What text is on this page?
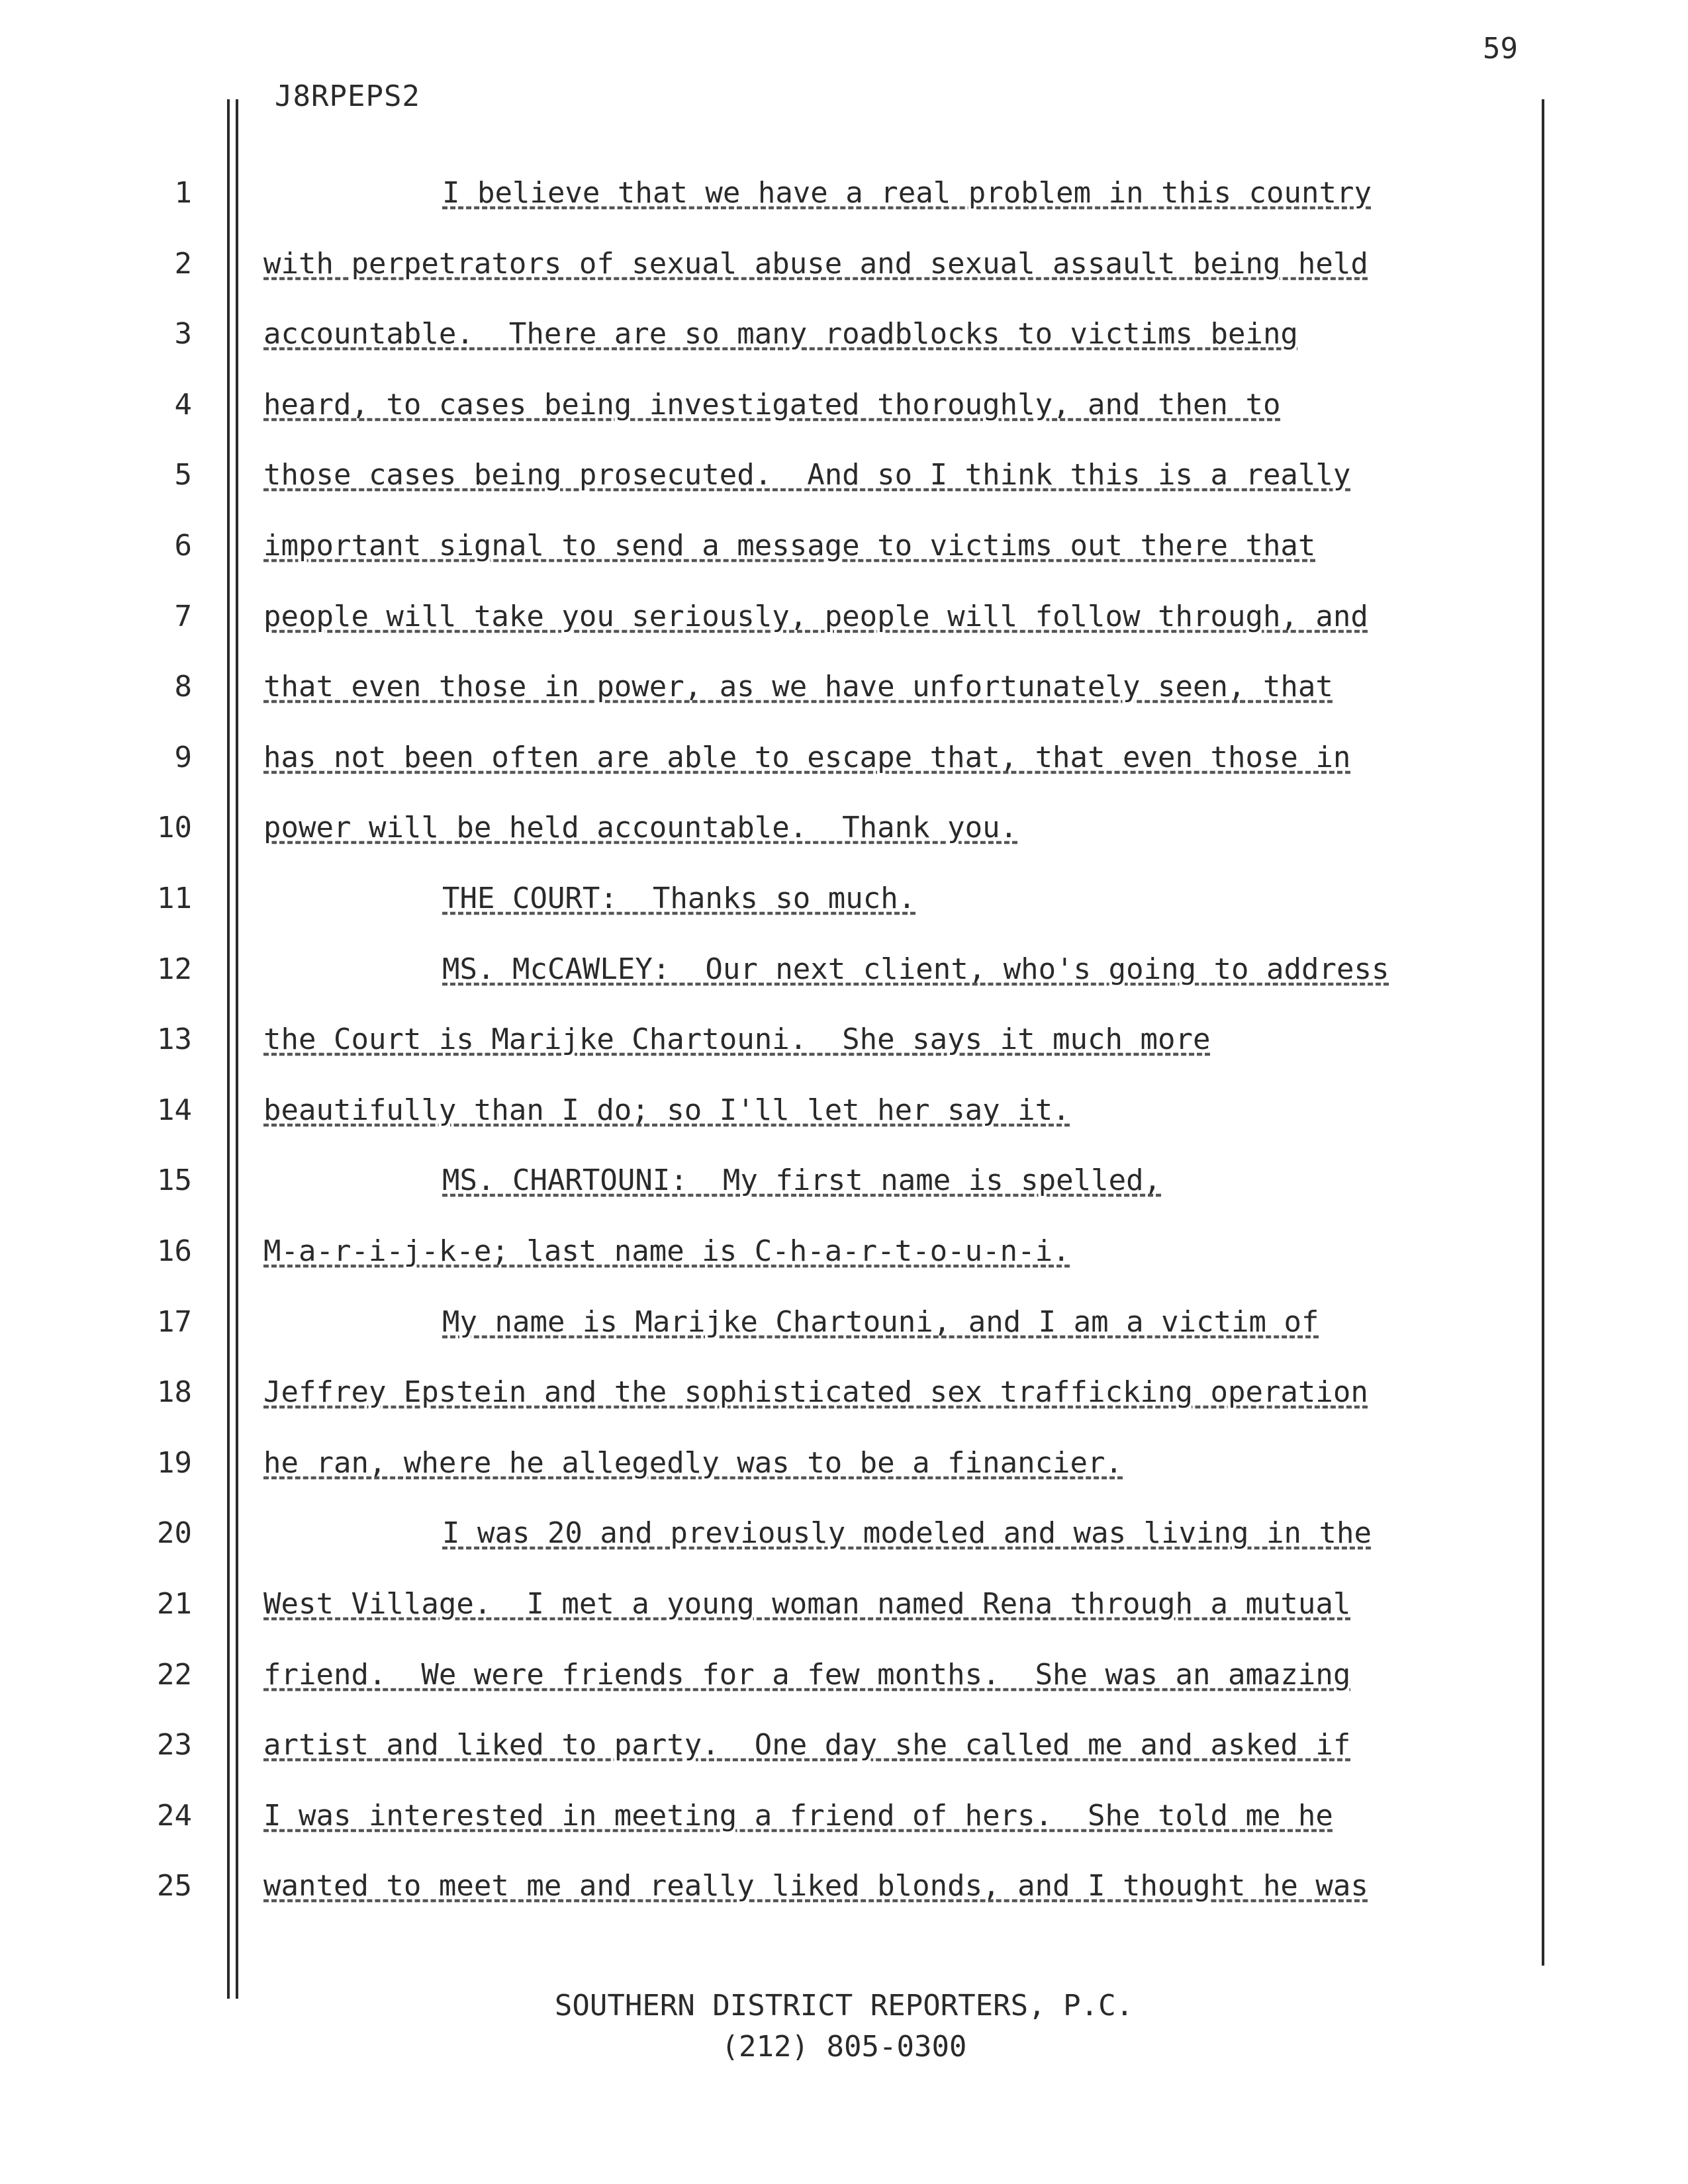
59
J8RPEPS2
1	I believe that we have a real problem in this country
2 with perpetrators of sexual abuse and sexual assault being held
3 accountable.  There are so many roadblocks to victims being
4 heard, to cases being investigated thoroughly, and then to
5 those cases being prosecuted.  And so I think this is a really
6 important signal to send a message to victims out there that
7 people will take you seriously, people will follow through, and
8 that even those in power, as we have unfortunately seen, that
9 has not been often are able to escape that, that even those in
10 power will be held accountable.  Thank you.
11	THE COURT:  Thanks so much.
12	MS. McCAWLEY:  Our next client, who's going to address
13 the Court is Marijke Chartouni.  She says it much more
14 beautifully than I do; so I'll let her say it.
15	MS. CHARTOUNI:  My first name is spelled,
16 M-a-r-i-j-k-e; last name is C-h-a-r-t-o-u-n-i.
17	My name is Marijke Chartouni, and I am a victim of
18 Jeffrey Epstein and the sophisticated sex trafficking operation
19 he ran, where he allegedly was to be a financier.
20	I was 20 and previously modeled and was living in the
21 West Village.  I met a young woman named Rena through a mutual
22 friend.  We were friends for a few months.  She was an amazing
23 artist and liked to party.  One day she called me and asked if
24 I was interested in meeting a friend of hers.  She told me he
25 wanted to meet me and really liked blonds, and I thought he was
SOUTHERN DISTRICT REPORTERS, P.C.
(212) 805-0300
